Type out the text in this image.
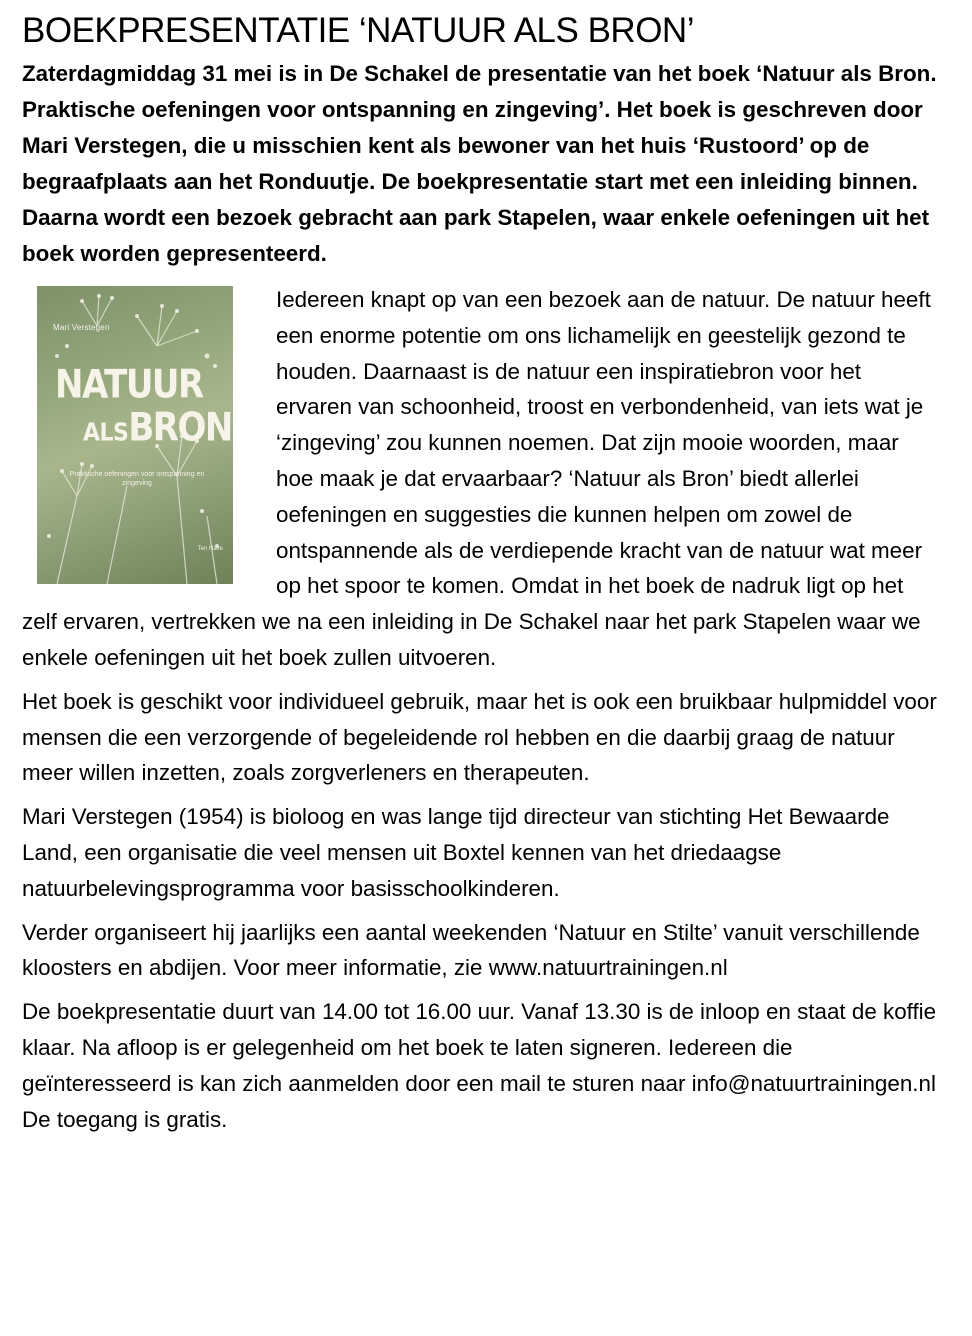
BOEKPRESENTATIE ‘NATUUR ALS BRON’

Zaterdagmiddag 31 mei is in De Schakel de presentatie van het boek ‘Natuur als Bron. Praktische oefeningen voor ontspanning en zingeving’. Het boek is geschreven door Mari Verstegen, die u misschien kent als bewoner van het huis ‘Rustoord’ op de begraafplaats aan het Ronduutje. De boekpresentatie start met een inleiding binnen. Daarna wordt een bezoek gebracht aan park Stapelen, waar enkele oefeningen uit het boek worden gepresenteerd.

Mari Verstegen
NATUUR
ALSBRON
Praktische oefeningen voor ontspanning en zingeving
Ten Have

Iedereen knapt op van een bezoek aan de natuur. De natuur heeft een enorme potentie om ons lichamelijk en geestelijk gezond te houden. Daarnaast is de natuur een inspiratiebron voor het ervaren van schoonheid, troost en verbondenheid, van iets wat je ‘zingeving’ zou kunnen noemen. Dat zijn mooie woorden, maar hoe maak je dat ervaarbaar? ‘Natuur als Bron’ biedt allerlei oefeningen en suggesties die kunnen helpen om zowel de ontspannende als de verdiepende kracht van de natuur wat meer op het spoor te komen. Omdat in het boek de nadruk ligt op het zelf ervaren, vertrekken we na een inleiding in De Schakel naar het park Stapelen waar we enkele oefeningen uit het boek zullen uitvoeren.

Het boek is geschikt voor individueel gebruik, maar het is ook een bruikbaar hulpmiddel voor mensen die een verzorgende of begeleidende rol hebben en die daarbij graag de natuur meer willen inzetten, zoals zorgverleners en therapeuten.

Mari Verstegen (1954) is bioloog en was lange tijd directeur van stichting Het Bewaarde Land, een organisatie die veel mensen uit Boxtel kennen van het driedaagse natuurbelevingsprogramma voor basisschoolkinderen.

Verder organiseert hij jaarlijks een aantal weekenden ‘Natuur en Stilte’ vanuit verschillende kloosters en abdijen. Voor meer informatie, zie www.natuurtrainingen.nl

De boekpresentatie duurt van 14.00 tot 16.00 uur. Vanaf 13.30 is de inloop en staat de koffie klaar. Na afloop is er gelegenheid om het boek te laten signeren. Iedereen die geïnteresseerd is kan zich aanmelden door een mail te sturen naar info@natuurtrainingen.nl De toegang is gratis.
